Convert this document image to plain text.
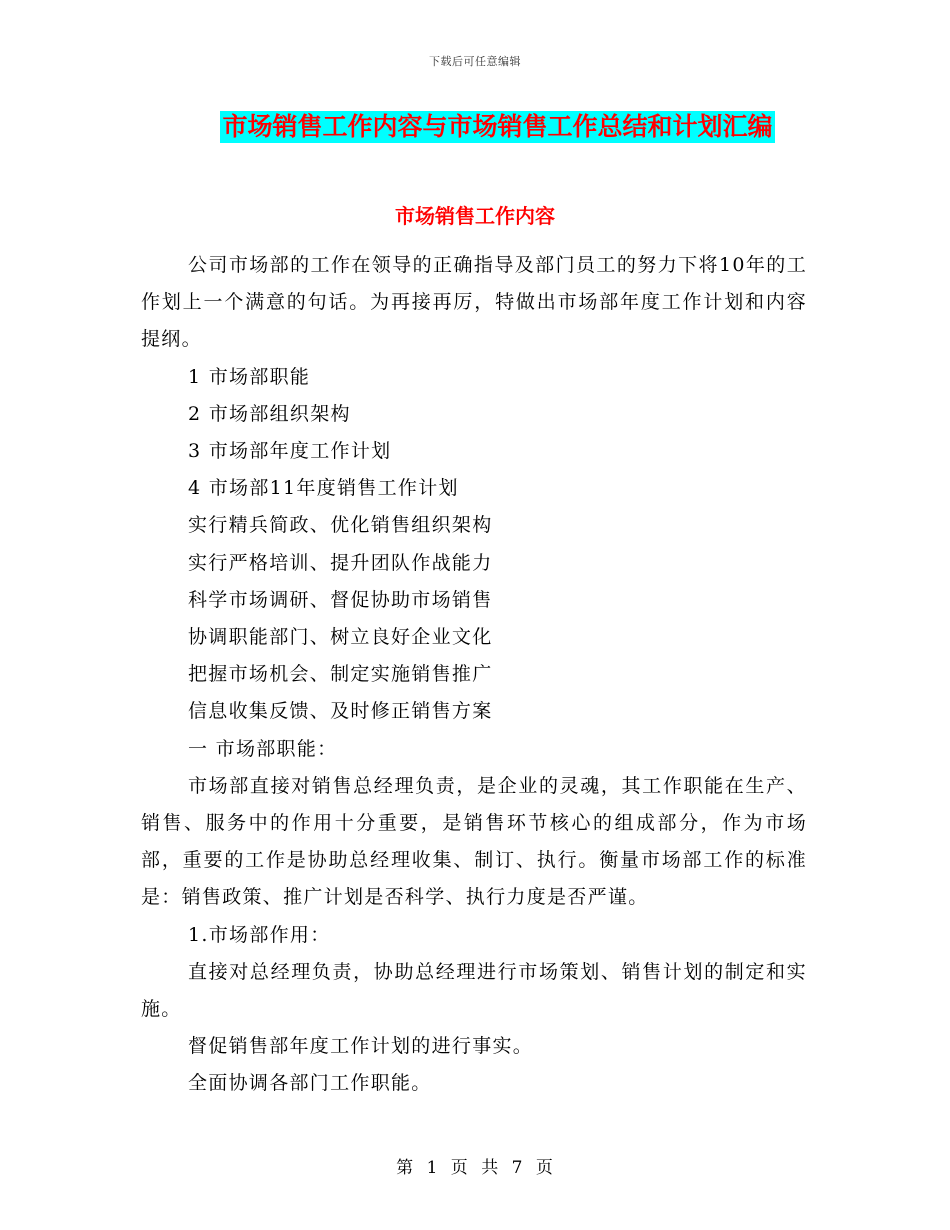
下载后可任意编辑
市场销售工作内容与市场销售工作总结和计划汇编
市场销售工作内容

公司市场部的工作在领导的正确指导及部门员工的努力下将10年的工作划上一个满意的句话。为再接再厉，特做出市场部年度工作计划和内容提纲。

1 市场部职能

2 市场部组织架构

3 市场部年度工作计划

4 市场部11年度销售工作计划

实行精兵简政、优化销售组织架构

实行严格培训、提升团队作战能力

科学市场调研、督促协助市场销售

协调职能部门、树立良好企业文化

把握市场机会、制定实施销售推广

信息收集反馈、及时修正销售方案

一 市场部职能：

市场部直接对销售总经理负责，是企业的灵魂，其工作职能在生产、销售、服务中的作用十分重要，是销售环节核心的组成部分，作为市场部，重要的工作是协助总经理收集、制订、执行。衡量市场部工作的标准是：销售政策、推广计划是否科学、执行力度是否严谨。

1.市场部作用：

直接对总经理负责，协助总经理进行市场策划、销售计划的制定和实施。

督促销售部年度工作计划的进行事实。

全面协调各部门工作职能。

第 1 页 共 7 页
